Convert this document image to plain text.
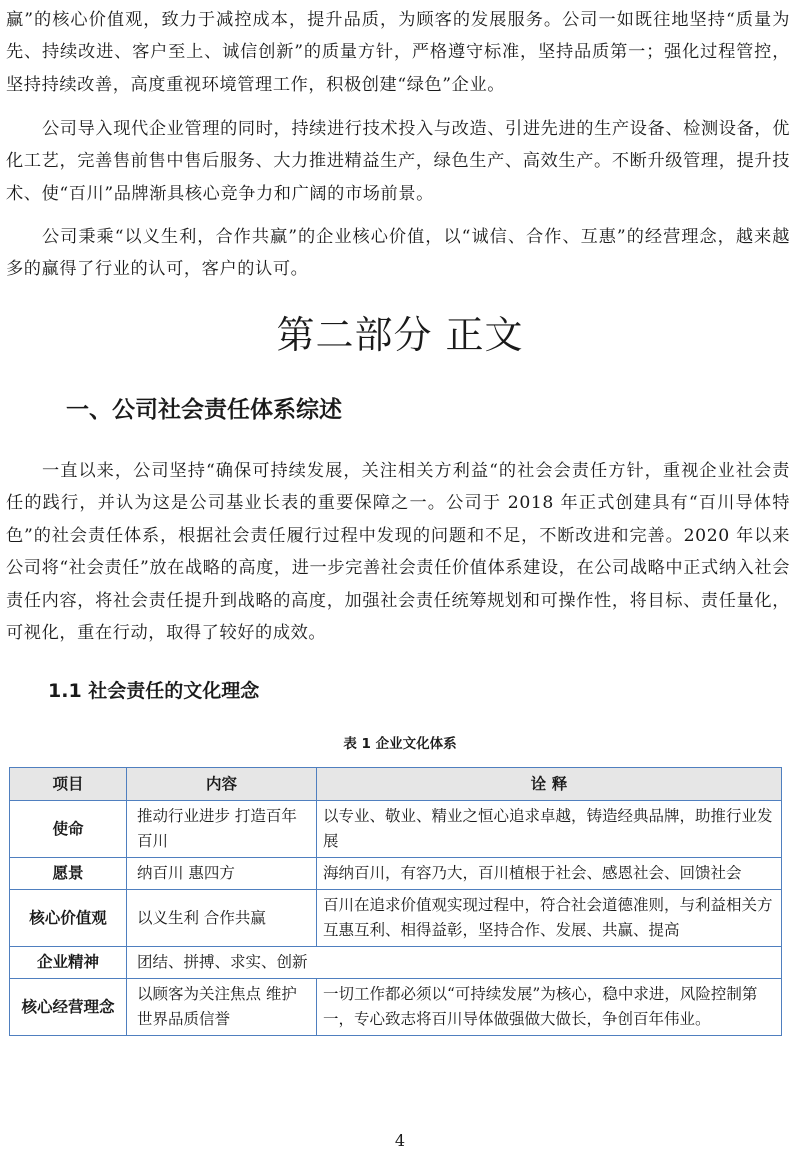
赢”的核心价值观，致力于减控成本，提升品质，为顾客的发展服务。公司一如既往地坚持“质量为先、持续改进、客户至上、诚信创新”的质量方针，严格遵守标准，坚持品质第一；强化过程管控，坚持持续改善，高度重视环境管理工作，积极创建“绿色”企业。

公司导入现代企业管理的同时，持续进行技术投入与改造、引进先进的生产设备、检测设备，优化工艺，完善售前售中售后服务、大力推进精益生产，绿色生产、高效生产。不断升级管理，提升技术、使“百川”品牌渐具核心竞争力和广阔的市场前景。

公司秉乘“以义生利，合作共赢”的企业核心价值，以“诚信、合作、互惠”的经营理念，越来越多的赢得了行业的认可，客户的认可。

第二部分 正文
一、公司社会责任体系综述

一直以来，公司坚持“确保可持续发展，关注相关方利益“的社会会责任方针，重视企业社会责任的践行，并认为这是公司基业长表的重要保障之一。公司于 2018 年正式创建具有“百川导体特色”的社会责任体系，根据社会责任履行过程中发现的问题和不足，不断改进和完善。2020 年以来公司将“社会责任”放在战略的高度，进一步完善社会责任价值体系建设，在公司战略中正式纳入社会责任内容，将社会责任提升到战略的高度，加强社会责任统筹规划和可操作性，将目标、责任量化，可视化，重在行动，取得了较好的成效。

1.1 社会责任的文化理念
表 1 企业文化体系
项目	内容	诠 释
使命	推动行业进步 打造百年百川	以专业、敬业、精业之恒心追求卓越，铸造经典品牌，助推行业发展
愿景	纳百川 惠四方	海纳百川，有容乃大，百川植根于社会、感恩社会、回馈社会
核心价值观	以义生利 合作共赢	百川在追求价值观实现过程中，符合社会道德准则，与利益相关方互惠互利、相得益彰，坚持合作、发展、共赢、提高
企业精神	团结、拼搏、求实、创新	
核心经营理念	以顾客为关注焦点 维护世界品质信誉	一切工作都必须以“可持续发展”为核心，稳中求进，风险控制第一，专心致志将百川导体做强做大做长，争创百年伟业。
4
